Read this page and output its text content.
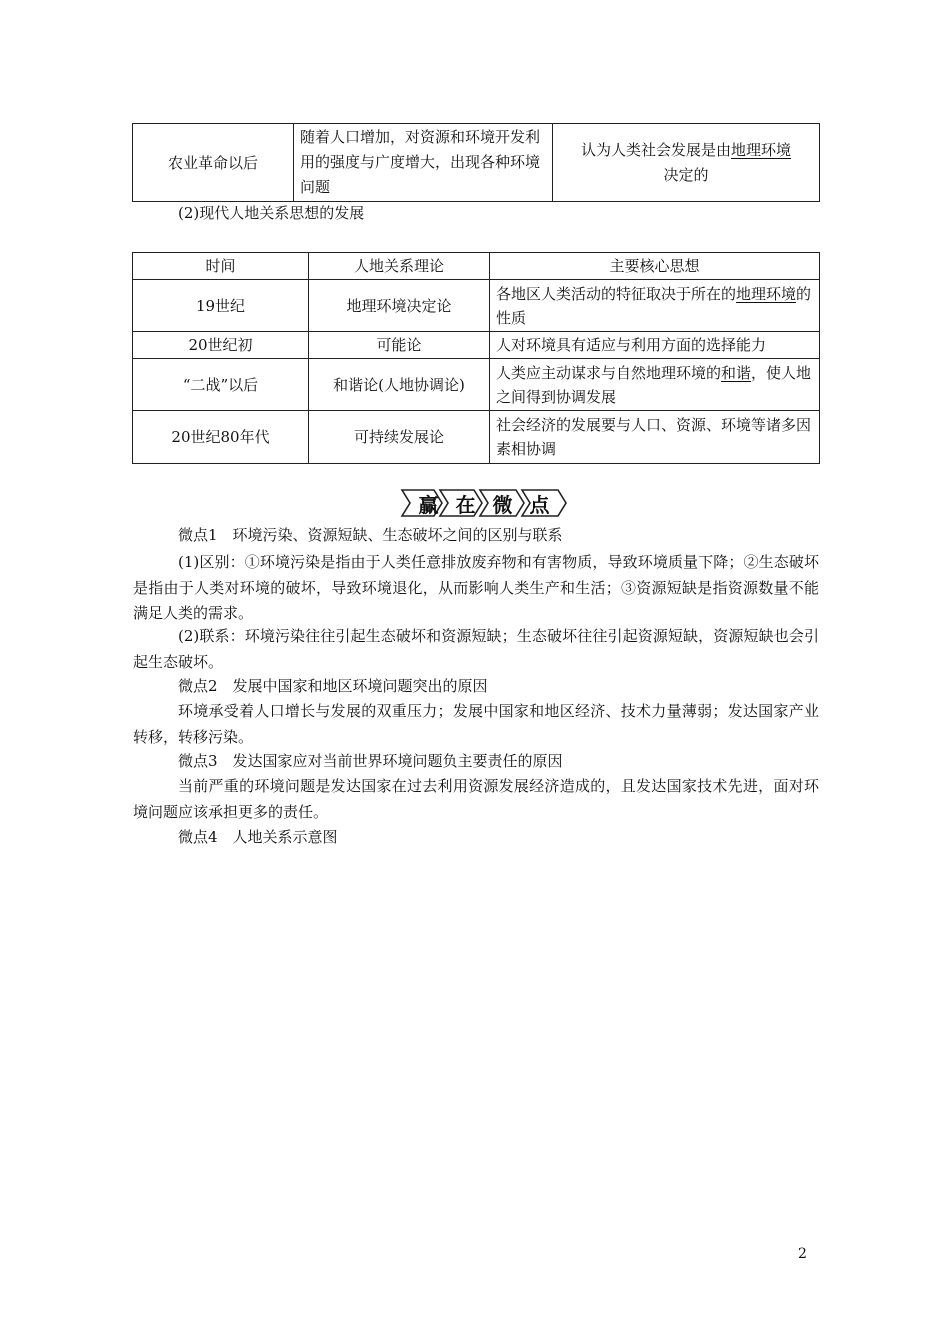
农业革命以后	随着人口增加，对资源和环境开发利用的强度与广度增大，出现各种环境问题	认为人类社会发展是由地理环境
决定的
(2)现代人地关系思想的发展
时间	人地关系理论	主要核心思想
19世纪	地理环境决定论	各地区人类活动的特征取决于所在的地理环境的性质
20世纪初	可能论	人对环境具有适应与利用方面的选择能力
“二战”以后	和谐论(人地协调论)	人类应主动谋求与自然地理环境的和谐，使人地之间得到协调发展
20世纪80年代	可持续发展论	社会经济的发展要与人口、资源、环境等诸多因素相协调
赢 在 微 点
微点1　环境污染、资源短缺、生态破坏之间的区别与联系
(1)区别：①环境污染是指由于人类任意排放废弃物和有害物质，导致环境质量下降；②生态破坏是指由于人类对环境的破坏，导致环境退化，从而影响人类生产和生活；③资源短缺是指资源数量不能满足人类的需求。
(2)联系：环境污染往往引起生态破坏和资源短缺；生态破坏往往引起资源短缺，资源短缺也会引起生态破坏。
微点2　发展中国家和地区环境问题突出的原因
环境承受着人口增长与发展的双重压力；发展中国家和地区经济、技术力量薄弱；发达国家产业转移，转移污染。
微点3　发达国家应对当前世界环境问题负主要责任的原因
当前严重的环境问题是发达国家在过去利用资源发展经济造成的，且发达国家技术先进，面对环境问题应该承担更多的责任。
微点4　人地关系示意图
2
